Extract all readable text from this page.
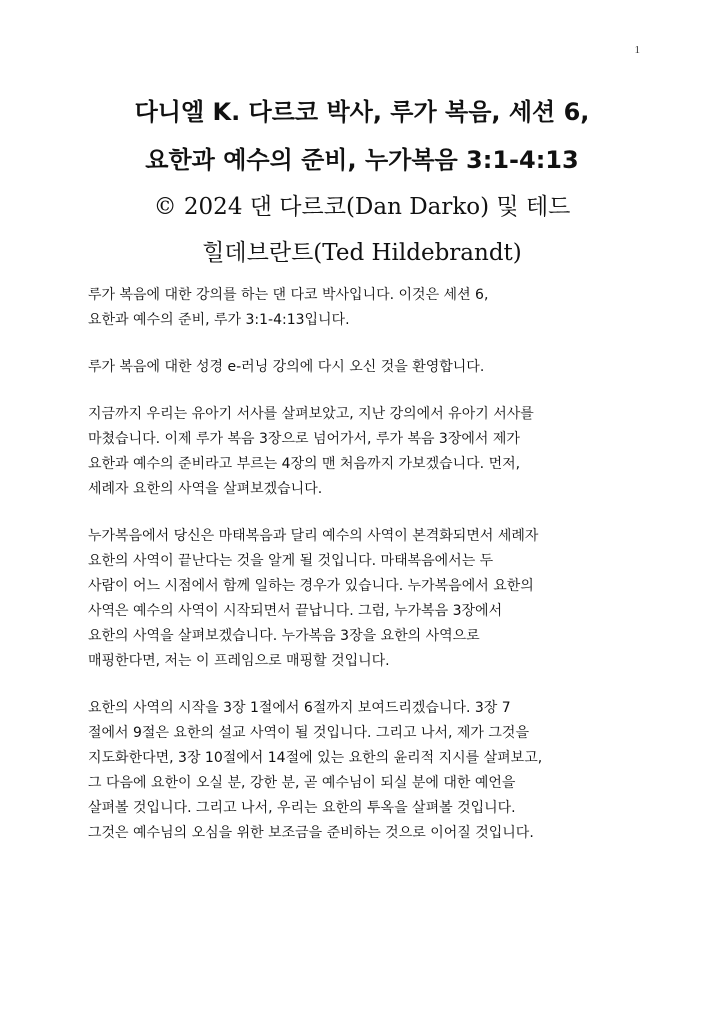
1
다니엘 K. 다르코 박사, 루가 복음, 세션 6,
요한과 예수의 준비, 누가복음 3:1-4:13
© 2024 댄 다르코(Dan Darko) 및 테드
힐데브란트(Ted Hildebrandt)

루가 복음에 대한 강의를 하는 댄 다코 박사입니다. 이것은 세션 6,
요한과 예수의 준비, 루가 3:1-4:13입니다.

루가 복음에 대한 성경 e-러닝 강의에 다시 오신 것을 환영합니다.

지금까지 우리는 유아기 서사를 살펴보았고, 지난 강의에서 유아기 서사를
마쳤습니다. 이제 루가 복음 3장으로 넘어가서, 루가 복음 3장에서 제가
요한과 예수의 준비라고 부르는 4장의 맨 처음까지 가보겠습니다. 먼저,
세례자 요한의 사역을 살펴보겠습니다.

누가복음에서 당신은 마태복음과 달리 예수의 사역이 본격화되면서 세례자
요한의 사역이 끝난다는 것을 알게 될 것입니다. 마태복음에서는 두
사람이 어느 시점에서 함께 일하는 경우가 있습니다. 누가복음에서 요한의
사역은 예수의 사역이 시작되면서 끝납니다. 그럼, 누가복음 3장에서
요한의 사역을 살펴보겠습니다. 누가복음 3장을 요한의 사역으로
매핑한다면, 저는 이 프레임으로 매핑할 것입니다.

요한의 사역의 시작을 3장 1절에서 6절까지 보여드리겠습니다. 3장 7
절에서 9절은 요한의 설교 사역이 될 것입니다. 그리고 나서, 제가 그것을
지도화한다면, 3장 10절에서 14절에 있는 요한의 윤리적 지시를 살펴보고,
그 다음에 요한이 오실 분, 강한 분, 곧 예수님이 되실 분에 대한 예언을
살펴볼 것입니다. 그리고 나서, 우리는 요한의 투옥을 살펴볼 것입니다.
그것은 예수님의 오심을 위한 보조금을 준비하는 것으로 이어질 것입니다.
